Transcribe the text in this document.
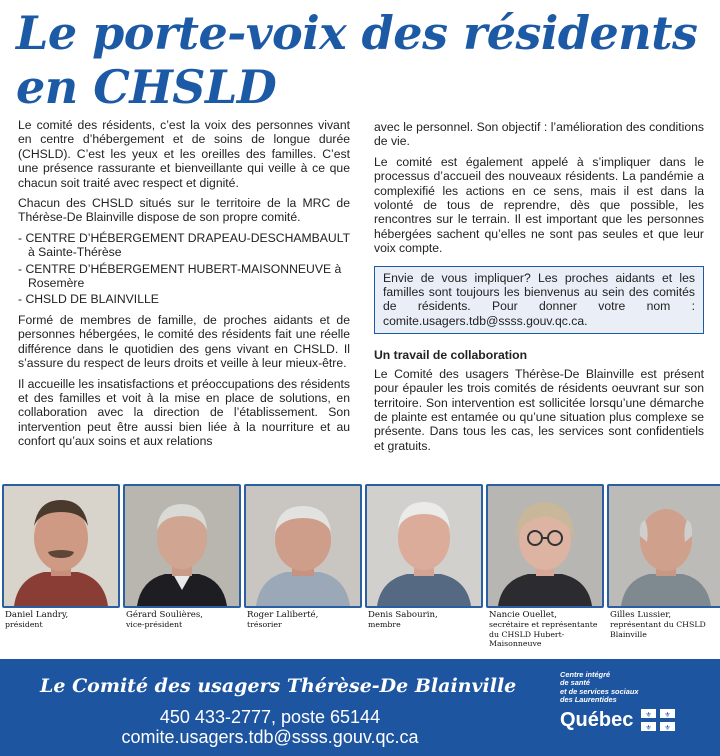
Le porte-voix des résidents
en CHSLD

Le comité des résidents, c’est la voix des personnes vivant en centre d’hébergement et de soins de longue durée (CHSLD). C’est les yeux et les oreilles des familles. C’est une présence rassurante et bienveillante qui veille à ce que chacun soit traité avec respect et dignité.

Chacun des CHSLD situés sur le territoire de la MRC de Thérèse-De Blainville dispose de son propre comité.

- CENTRE D’HÉBERGEMENT DRAPEAU-DESCHAMBAULT à Sainte-Thérèse
- CENTRE D’HÉBERGEMENT HUBERT-MAISONNEUVE à Rosemère
- CHSLD DE BLAINVILLE

Formé de membres de famille, de proches aidants et de personnes hébergées, le comité des résidents fait une réelle différence dans le quotidien des gens vivant en CHSLD. Il s’assure du respect de leurs droits et veille à leur mieux-être.

Il accueille les insatisfactions et préoccupations des résidents et des familles et voit à la mise en place de solutions, en collaboration avec la direction de l’établissement. Son intervention peut être aussi bien liée à la nourriture et au confort qu’aux soins et aux relations

avec le personnel. Son objectif : l’amélioration des conditions de vie.

Le comité est également appelé à s’impliquer dans le processus d’accueil des nouveaux résidents. La pandémie a complexifié les actions en ce sens, mais il est dans la volonté de tous de reprendre, dès que possible, les rencontres sur le terrain. Il est important que les personnes hébergées sachent qu’elles ne sont pas seules et que leur voix compte.

Envie de vous impliquer? Les proches aidants et les familles sont toujours les bienvenus au sein des comités de résidents. Pour donner votre nom : comite.usagers.tdb@ssss.gouv.qc.ca.

Un travail de collaboration

Le Comité des usagers Thérèse-De Blainville est présent pour épauler les trois comités de résidents oeuvrant sur son territoire. Son intervention est sollicitée lorsqu’une démarche de plainte est entamée ou qu’une situation plus complexe se présente. Dans tous les cas, les services sont confidentiels et gratuits.

Daniel Landry,
président
Gérard Soulières,
vice-président
Roger Laliberté,
trésorier
Denis Sabourin,
membre
Nancie Ouellet,
secrétaire et représentante du CHSLD Hubert-Maisonneuve
Gilles Lussier,
représentant du CHSLD Blainville
Le Comité des usagers Thérèse-De Blainville
450 433-2777, poste 65144
comite.usagers.tdb@ssss.gouv.qc.ca
Centre intégré
de santé
et de services sociaux
des Laurentides
Québec ⚜ ⚜
⚜ ⚜
